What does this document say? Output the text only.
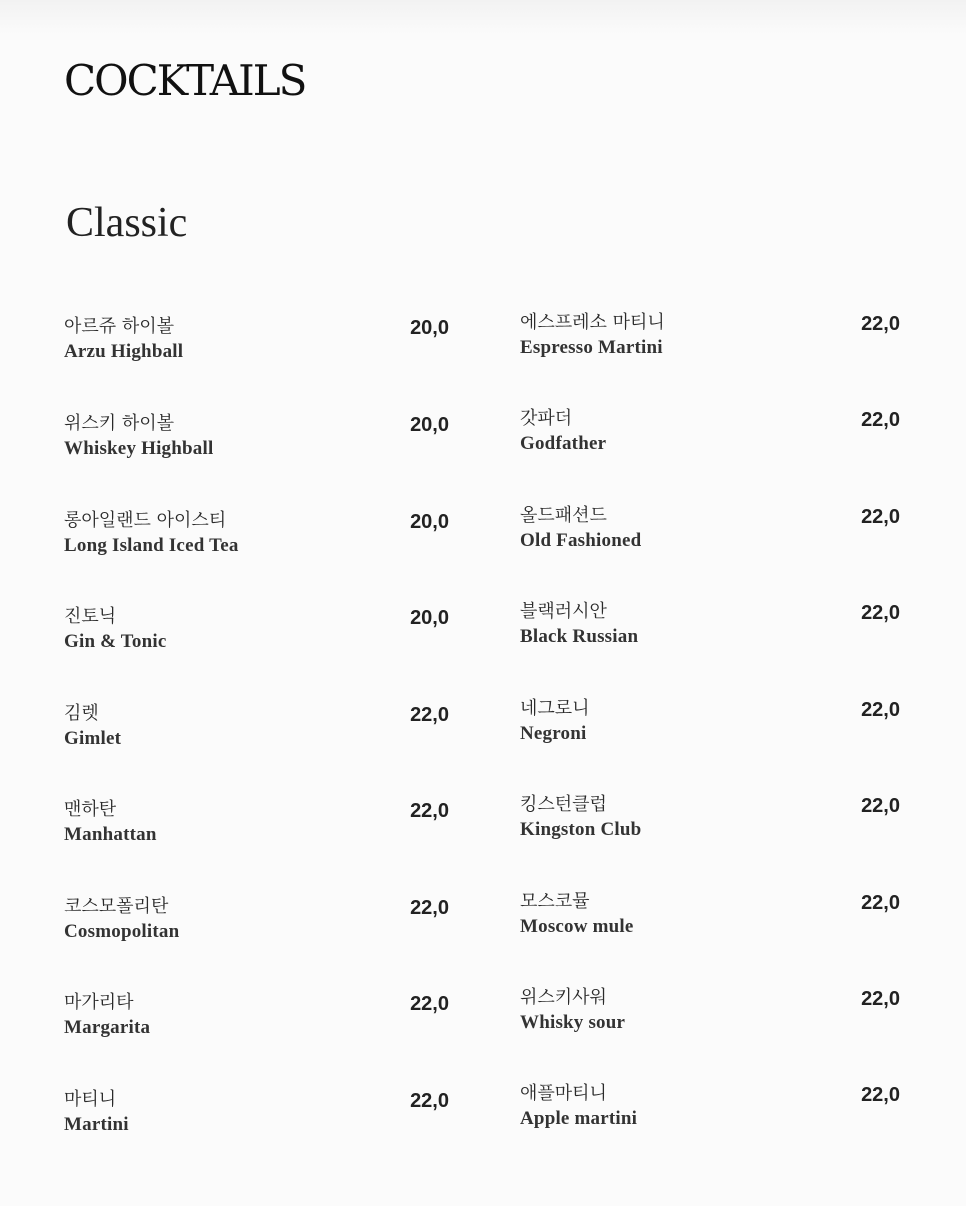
COCKTAILS
Classic
아르쥬 하이볼
Arzu Highball
20,0
위스키 하이볼
Whiskey Highball
20,0
롱아일랜드 아이스티
Long Island Iced Tea
20,0
진토닉
Gin & Tonic
20,0
김렛
Gimlet
22,0
맨하탄
Manhattan
22,0
코스모폴리탄
Cosmopolitan
22,0
마가리타
Margarita
22,0
마티니
Martini
22,0
에스프레소 마티니
Espresso Martini
22,0
갓파더
Godfather
22,0
올드패션드
Old Fashioned
22,0
블랙러시안
Black Russian
22,0
네그로니
Negroni
22,0
킹스턴클럽
Kingston Club
22,0
모스코뮬
Moscow mule
22,0
위스키사워
Whisky sour
22,0
애플마티니
Apple martini
22,0
